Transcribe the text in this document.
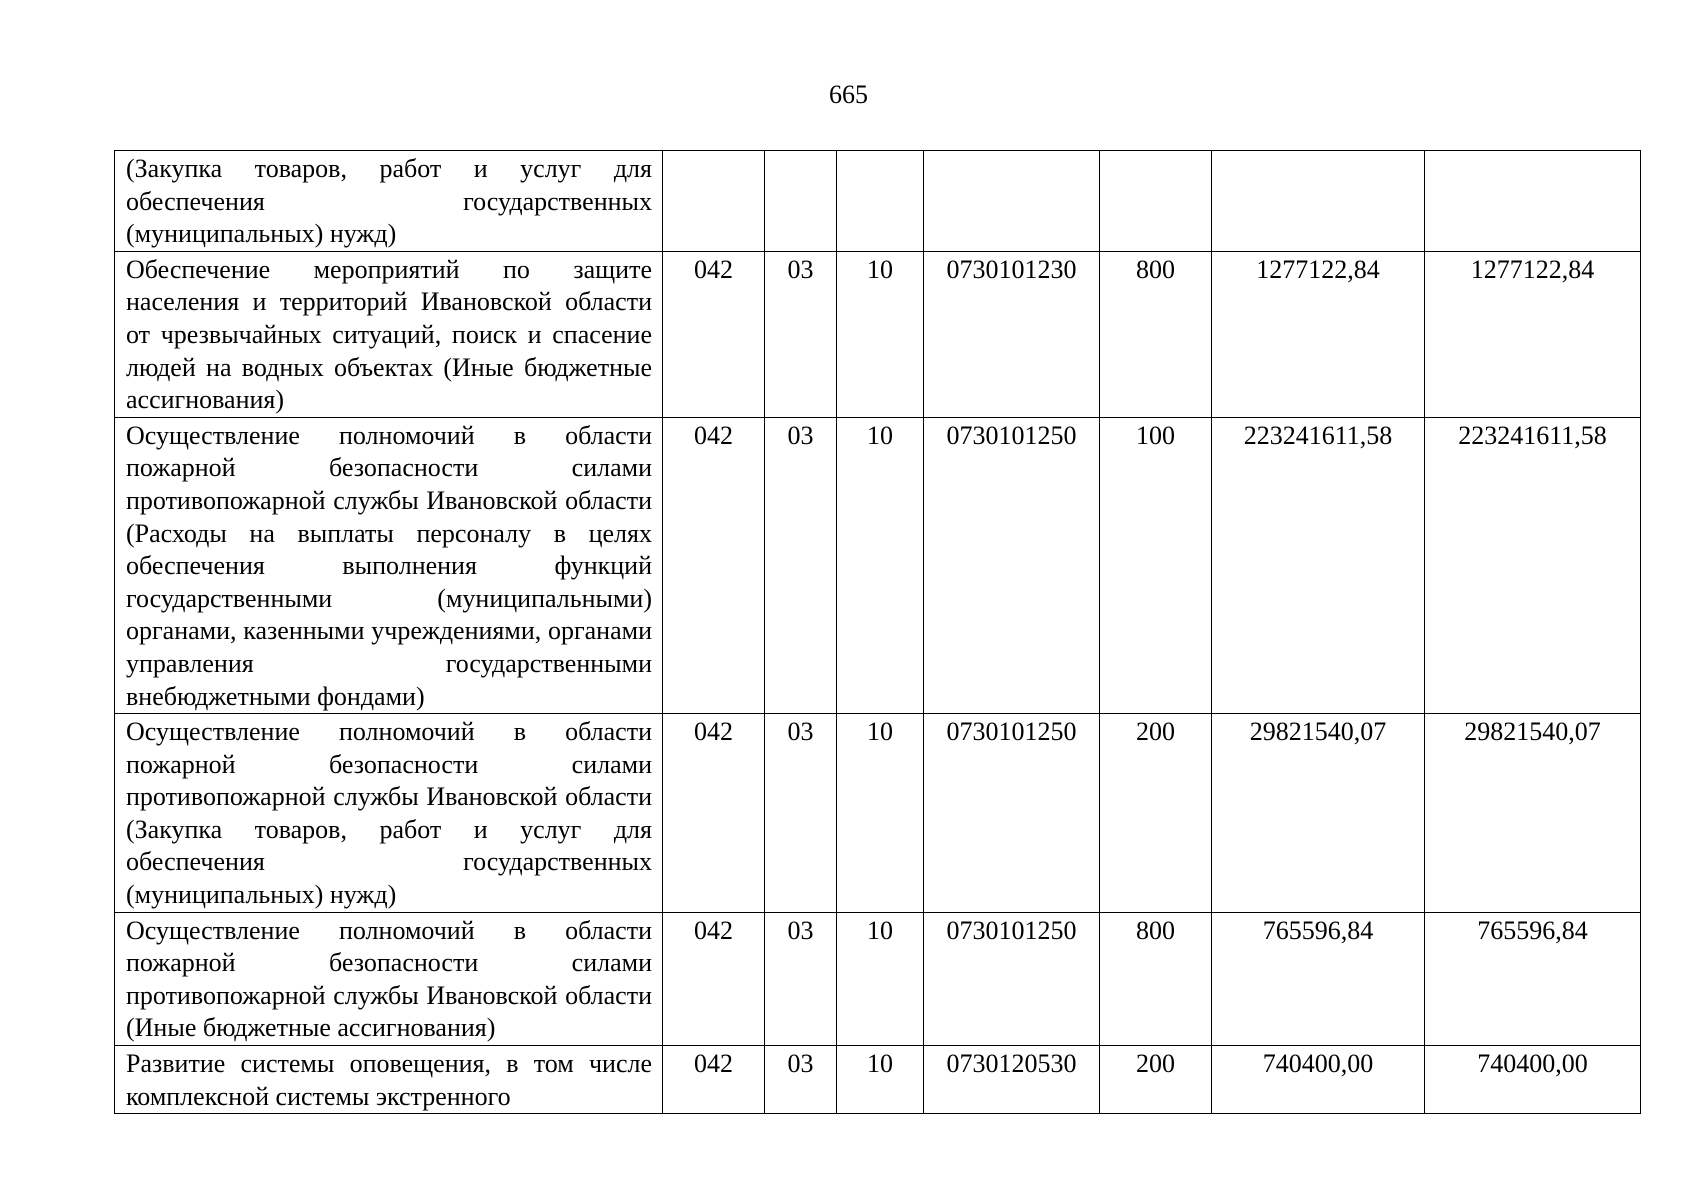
665
(Закупка товаров, работ и услуг для обеспечения государственных (муниципальных) нужд)							
Обеспечение мероприятий по защите населения и территорий Ивановской области от чрезвычайных ситуаций, поиск и спасение людей на водных объектах (Иные бюджетные ассигнования)	042	03	10	0730101230	800	1277122,84	1277122,84
Осуществление полномочий в области пожарной безопасности силами противопожарной службы Ивановской области (Расходы на выплаты персоналу в целях обеспечения выполнения функций государственными (муниципальными) органами, казенными учреждениями, органами управления государственными внебюджетными фондами)	042	03	10	0730101250	100	223241611,58	223241611,58
Осуществление полномочий в области пожарной безопасности силами противопожарной службы Ивановской области (Закупка товаров, работ и услуг для обеспечения государственных (муниципальных) нужд)	042	03	10	0730101250	200	29821540,07	29821540,07
Осуществление полномочий в области пожарной безопасности силами противопожарной службы Ивановской области (Иные бюджетные ассигнования)	042	03	10	0730101250	800	765596,84	765596,84
Развитие системы оповещения, в том числе комплексной системы экстренного	042	03	10	0730120530	200	740400,00	740400,00
